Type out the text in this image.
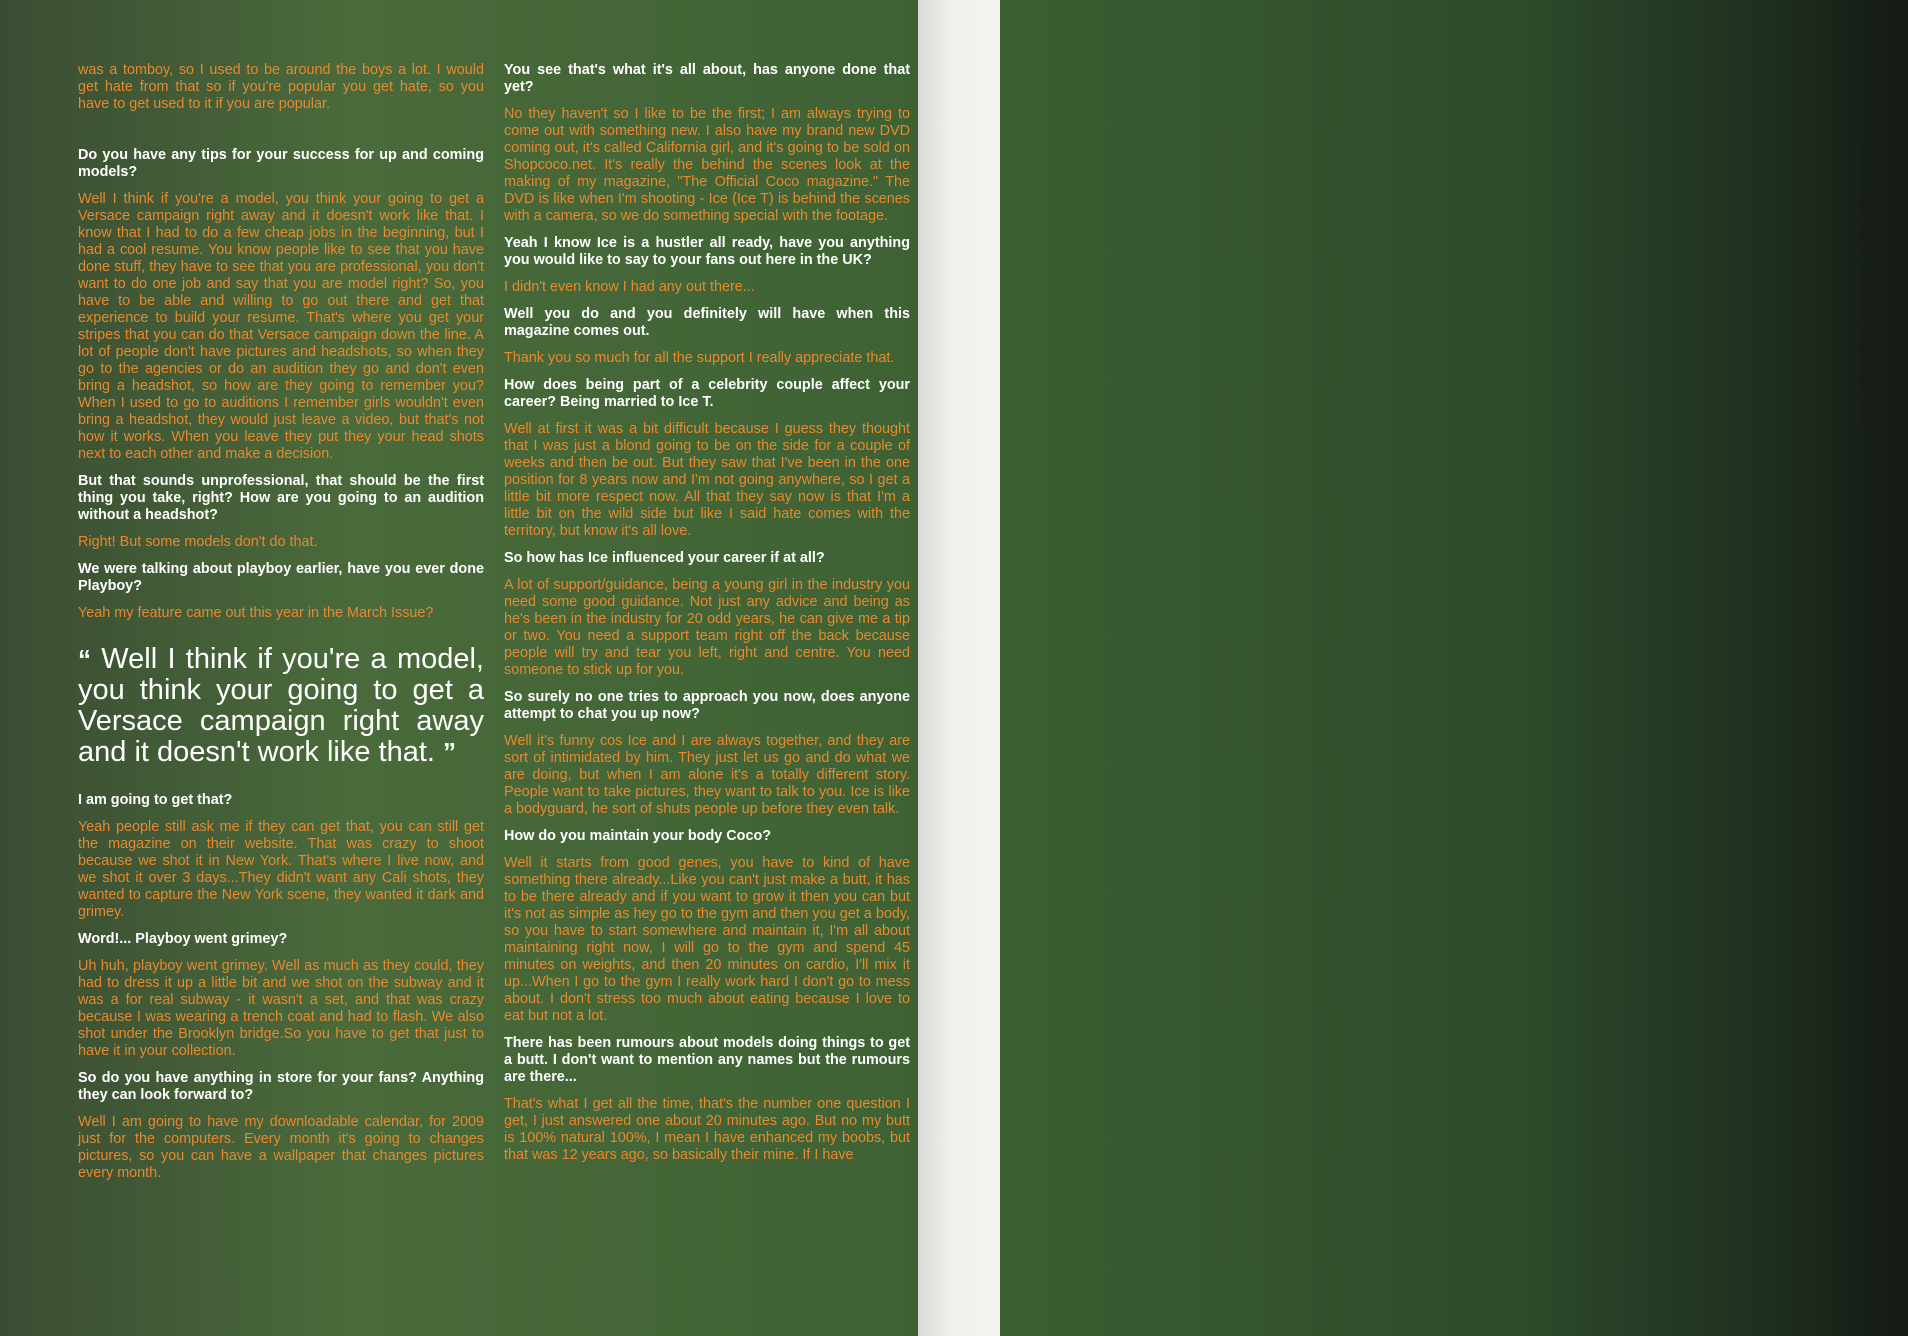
...continued

was a tomboy, so I used to be around the boys a lot. I would get hate from that so if you're popular you get hate, so you have to get used to it if you are popular.

Do you have any tips for your success for up and coming models?

Well I think if you're a model, you think your going to get a Versace campaign right away and it doesn't work like that. I know that I had to do a few cheap jobs in the beginning, but I had a cool resume. You know people like to see that you have done stuff, they have to see that you are professional, you don't want to do one job and say that you are model right? So, you have to be able and willing to go out there and get that experience to build your resume. That's where you get your stripes that you can do that Versace campaign down the line. A lot of people don't have pictures and headshots, so when they go to the agencies or do an audition they go and don't even bring a headshot, so how are they going to remember you? When I used to go to auditions I remember girls wouldn't even bring a headshot, they would just leave a video, but that's not how it works. When you leave they put they your head shots next to each other and make a decision.

But that sounds unprofessional, that should be the first thing you take, right? How are you going to an audition without a headshot?

Right! But some models don't do that.

We were talking about playboy earlier, have you ever done Playboy?

Yeah my feature came out this year in the March Issue?

“ Well I think if you're a model, you think your going to get a Versace campaign right away and it doesn't work like that. ”

I am going to get that?

Yeah people still ask me if they can get that, you can still get the magazine on their website. That was crazy to shoot because we shot it in New York. That's where I live now, and we shot it over 3 days...They didn't want any Cali shots, they wanted to capture the New York scene, they wanted it dark and grimey.

Word!... Playboy went grimey?

Uh huh, playboy went grimey. Well as much as they could, they had to dress it up a little bit and we shot on the subway and it was a for real subway - it wasn't a set, and that was crazy because I was wearing a trench coat and had to flash. We also shot under the Brooklyn bridge.So you have to get that just to have it in your collection.

So do you have anything in store for your fans? Anything they can look forward to?

Well I am going to have my downloadable calendar, for 2009 just for the computers. Every month it's going to changes pictures, so you can have a wallpaper that changes pictures every month.

You see that's what it's all about, has anyone done that yet?

No they haven't so I like to be the first; I am always trying to come out with something new. I also have my brand new DVD coming out, it's called California girl, and it's going to be sold on Shopcoco.net. It's really the behind the scenes look at the making of my magazine, "The Official Coco magazine." The DVD is like when I'm shooting - Ice (Ice T) is behind the scenes with a camera, so we do something special with the footage.

Yeah I know Ice is a hustler all ready, have you anything you would like to say to your fans out here in the UK?

I didn't even know I had any out there...

Well you do and you definitely will have when this magazine comes out.

Thank you so much for all the support I really appreciate that.

How does being part of a celebrity couple affect your career? Being married to Ice T.

Well at first it was a bit difficult because I guess they thought that I was just a blond going to be on the side for a couple of weeks and then be out. But they saw that I've been in the one position for 8 years now and I'm not going anywhere, so I get a little bit more respect now. All that they say now is that I'm a little bit on the wild side but like I said hate comes with the territory, but know it's all love.

So how has Ice influenced your career if at all?

A lot of support/guidance, being a young girl in the industry you need some good guidance. Not just any advice and being as he's been in the industry for 20 odd years, he can give me a tip or two. You need a support team right off the back because people will try and tear you left, right and centre. You need someone to stick up for you.

So surely no one tries to approach you now, does anyone attempt to chat you up now?

Well it's funny cos Ice and I are always together, and they are sort of intimidated by him. They just let us go and do what we are doing, but when I am alone it's a totally different story. People want to take pictures, they want to talk to you. Ice is like a bodyguard, he sort of shuts people up before they even talk.

How do you maintain your body Coco?

Well it starts from good genes, you have to kind of have something there already...Like you can't just make a butt, it has to be there already and if you want to grow it then you can but it's not as simple as hey go to the gym and then you get a body, so you have to start somewhere and maintain it, I'm all about maintaining right now, I will go to the gym and spend 45 minutes on weights, and then 20 minutes on cardio, I'll mix it up...When I go to the gym I really work hard I don't go to mess about. I don't stress too much about eating because I love to eat but not a lot.

There has been rumours about models doing things to get a butt. I don't want to mention any names but the rumours are there...

That's what I get all the time, that's the number one question I get, I just answered one about 20 minutes ago. But no my butt is 100% natural 100%, I mean I have enhanced my boobs, but that was 12 years ago, so basically their mine. If I have
